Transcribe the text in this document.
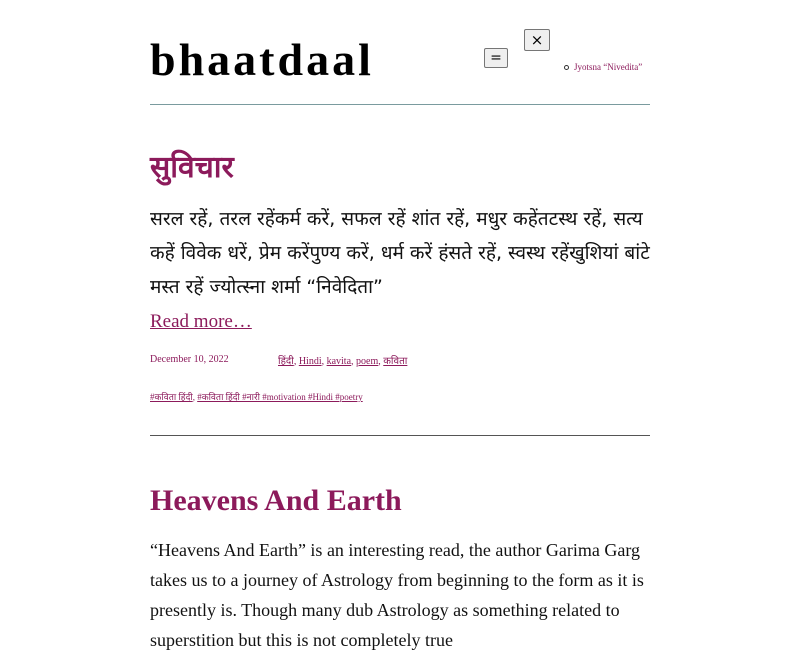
bhaatdaal	=
×
Jyotsna “Nivedita”
सुविचार

सरल रहें, तरल रहेंकर्म करें, सफल रहें शांत रहें, मधुर कहेंतटस्थ रहें, सत्य कहें विवेक धरें, प्रेम करेंपुण्य करें, धर्म करें हंसते रहें, स्वस्थ रहेंखुशियां बांटे मस्त रहें ज्योत्स्ना शर्मा “निवेदिता”

Read more…
December 10, 2022	हिंदी, Hindi, kavita, poem, कविता
#कविता हिंदी, #कविता हिंदी #नारी #motivation #Hindi #poetry
Heavens And Earth

“Heavens And Earth” is an interesting read, the author Garima Garg takes us to a journey of Astrology from beginning to the form as it is presently is. Though many dub Astrology as something related to superstition but this is not completely true
